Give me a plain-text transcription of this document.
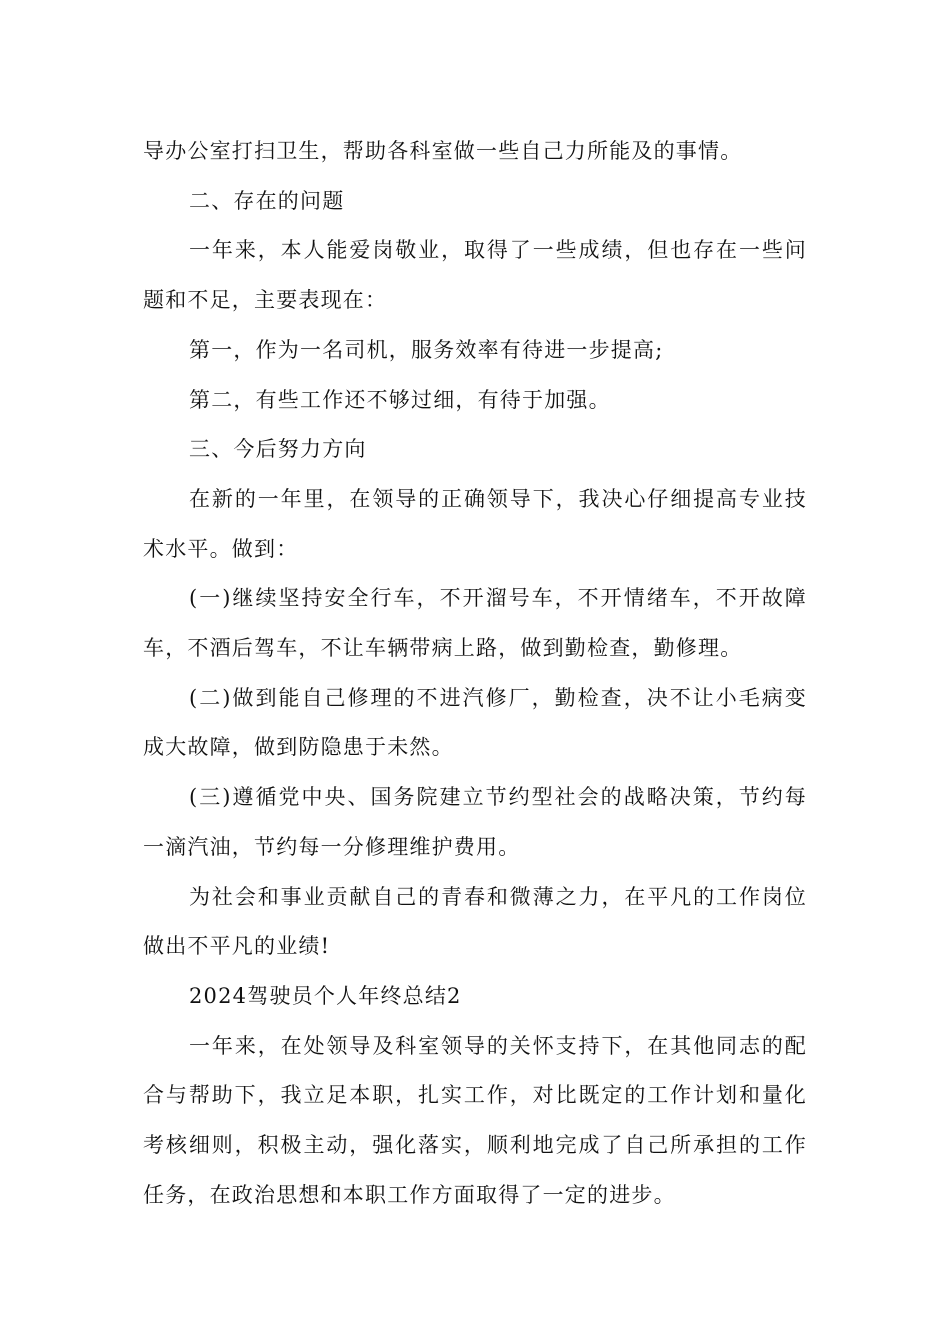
导办公室打扫卫生，帮助各科室做一些自己力所能及的事情。

二、存在的问题

一年来，本人能爱岗敬业，取得了一些成绩，但也存在一些问题和不足，主要表现在：

第一，作为一名司机，服务效率有待进一步提高;

第二，有些工作还不够过细，有待于加强。

三、今后努力方向

在新的一年里，在领导的正确领导下，我决心仔细提高专业技术水平。做到：

(一)继续坚持安全行车，不开溜号车，不开情绪车，不开故障车，不酒后驾车，不让车辆带病上路，做到勤检查，勤修理。

(二)做到能自己修理的不进汽修厂，勤检查，决不让小毛病变成大故障，做到防隐患于未然。

(三)遵循党中央、国务院建立节约型社会的战略决策，节约每一滴汽油，节约每一分修理维护费用。

为社会和事业贡献自己的青春和微薄之力，在平凡的工作岗位做出不平凡的业绩!

2024驾驶员个人年终总结2

一年来，在处领导及科室领导的关怀支持下，在其他同志的配合与帮助下，我立足本职，扎实工作，对比既定的工作计划和量化考核细则，积极主动，强化落实，顺利地完成了自己所承担的工作任务，在政治思想和本职工作方面取得了一定的进步。
